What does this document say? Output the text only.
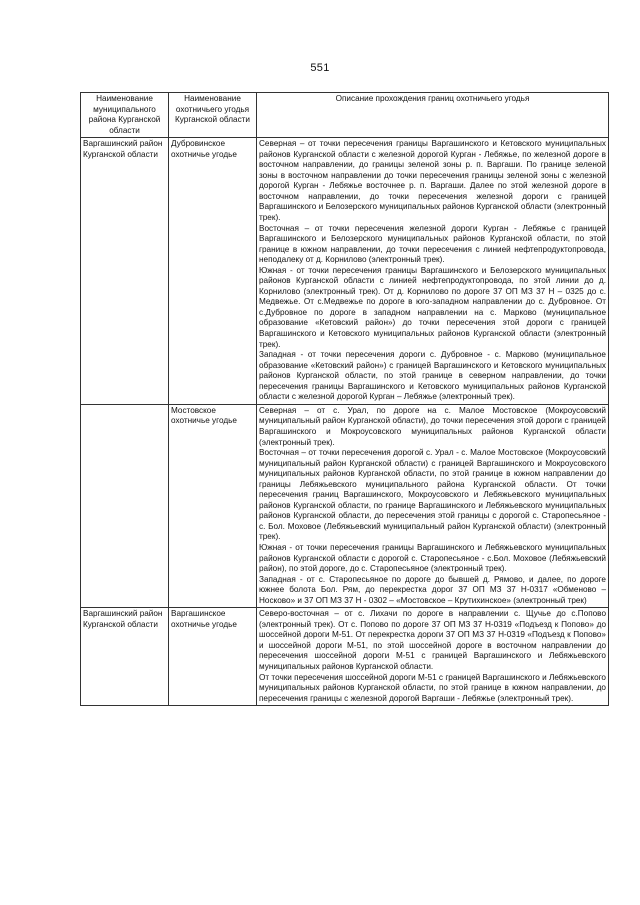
551
Наименование муниципального района Курганской области	Наименование охотничьего угодья Курганской области	Описание прохождения границ охотничьего угодья
Варгашинский район Курганской области	Дубровинское охотничье угодье	Северная – от точки пересечения границы Варгашинского и Кетовского муниципальных районов Курганской области с железной дорогой Курган - Лебяжье, по железной дороге в восточном направлении, до границы зеленой зоны р. п. Варгаши. По границе зеленой зоны в восточном направлении до точки пересечения границы зеленой зоны с железной дорогой Курган - Лебяжье восточнее р. п. Варгаши. Далее по этой железной дороге в восточном направлении, до точки пересечения железной дороги с границей Варгашинского и Белозерского муниципальных районов Курганской области (электронный трек).

Восточная – от точки пересечения железной дороги Курган - Лебяжье с границей Варгашинского и Белозерского муниципальных районов Курганской области, по этой границе в южном направлении, до точки пересечения с линией нефтепродуктопровода, неподалеку от д. Корнилово (электронный трек).

Южная - от точки пересечения границы Варгашинского и Белозерского муниципальных районов Курганской области с линией нефтепродуктопровода, по этой линии до д. Корнилово (электронный трек). От д. Корнилово по дороге 37 ОП МЗ 37 Н – 0325 до с. Медвежье. От с.Медвежье по дороге в юго-западном направлении до с. Дубровное. От с.Дубровное по дороге в западном направлении на с. Марково (муниципальное образование «Кетовский район») до точки пересечения этой дороги с границей Варгашинского и Кетовского муниципальных районов Курганской области (электронный трек).

Западная - от точки пересечения дороги с. Дубровное - с. Марково (муниципальное образование «Кетовский район») с границей Варгашинского и Кетовского муниципальных районов Курганской области, по этой границе в северном направлении, до точки пересечения границы Варгашинского и Кетовского муниципальных районов Курганской области с железной дорогой Курган – Лебяжье (электронный трек).

	Мостовское охотничье угодье	Северная – от с. Урал, по дороге на с. Малое Мостовское (Мокроусовский муниципальный район Курганской области), до точки пересечения этой дороги с границей Варгашинского и Мокроусовского муниципальных районов Курганской области (электронный трек).

Восточная – от точки пересечения дорогой с. Урал - с. Малое Мостовское (Мокроусовский муниципальный район Курганской области) с границей Варгашинского и Мокроусовского муниципальных районов Курганской области, по этой границе в южном направлении до границы Лебяжьевского муниципального района Курганской области. От точки пересечения границ Варгашинского, Мокроусовского и Лебяжьевского муниципальных районов Курганской области, по границе Варгашинского и Лебяжьевского муниципальных районов Курганской области, до пересечения этой границы с дорогой с. Старопесьяное - с. Бол. Моховое (Лебяжьевский муниципальный район Курганской области) (электронный трек).

Южная - от точки пересечения границы Варгашинского и Лебяжьевского муниципальных районов Курганской области с дорогой с. Старопесьяное - с.Бол. Моховое (Лебяжьевский район), по этой дороге, до с. Старопесьяное (электронный трек).

Западная - от с. Старопесьяное по дороге до бывшей д. Рямово, и далее, по дороге южнее болота Бол. Рям, до перекрестка дорог 37 ОП МЗ 37 Н-0317 «Обменово – Носково» и 37 ОП МЗ 37 Н - 0302 – «Мостовское – Крутихинское» (электронный трек)

Варгашинский район Курганской области	Варгашинское охотничье угодье	Северо-восточная – от с. Лихачи по дороге в направлении с. Щучье до с.Попово (электронный трек). От с. Попово по дороге 37 ОП МЗ 37 Н-0319 «Подъезд к Попово» до шоссейной дороги М-51. От перекрестка дороги 37 ОП МЗ 37 Н-0319 «Подъезд к Попово» и шоссейной дороги М-51, по этой шоссейной дороге в восточном направлении до пересечения шоссейной дороги М-51 с границей Варгашинского и Лебяжьевского муниципальных районов Курганской области.

От точки пересечения шоссейной дороги М-51 с границей Варгашинского и Лебяжьевского муниципальных районов Курганской области, по этой границе в южном направлении, до пересечения границы с железной дорогой Варгаши - Лебяжье (электронный трек).
